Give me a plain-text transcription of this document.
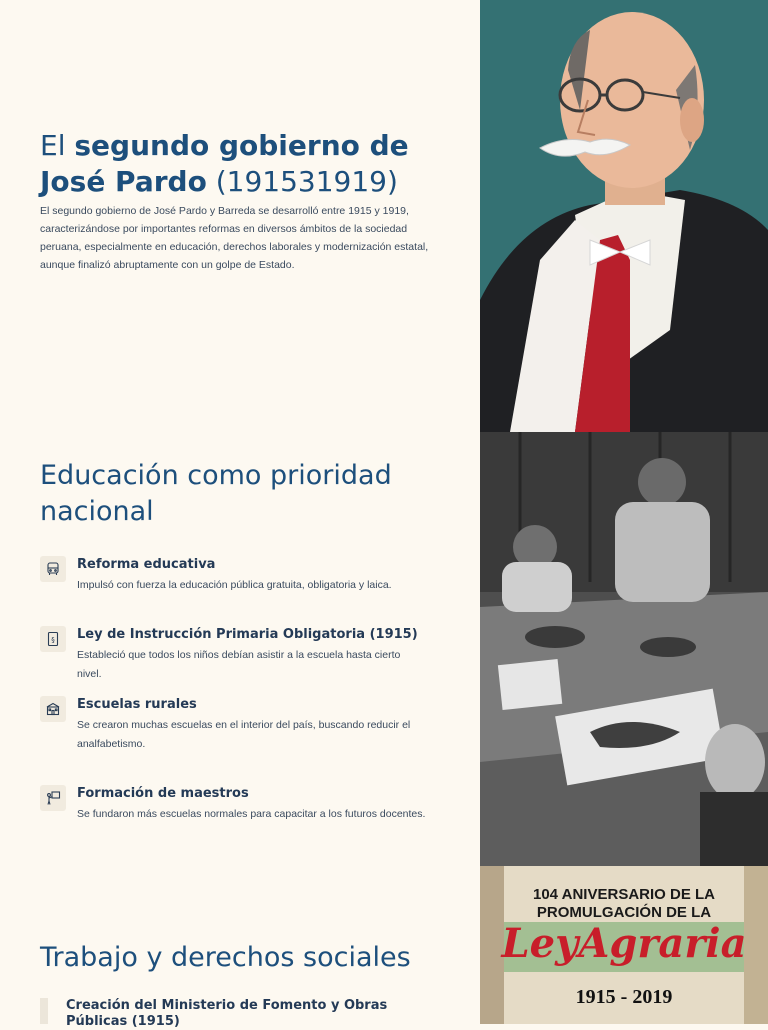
El segundo gobierno de José Pardo (191531919)

El segundo gobierno de José Pardo y Barreda se desarrolló entre 1915 y 1919, caracterizándose por importantes reformas en diversos ámbitos de la sociedad peruana, especialmente en educación, derechos laborales y modernización estatal, aunque finalizó abruptamente con un golpe de Estado.

Educación como prioridad nacional

Reforma educativa

Impulsó con fuerza la educación pública gratuita, obligatoria y laica.

§ Ley de Instrucción Primaria Obligatoria (1915)

Estableció que todos los niños debían asistir a la escuela hasta cierto nivel.

Escuelas rurales

Se crearon muchas escuelas en el interior del país, buscando reducir el analfabetismo.

Formación de maestros

Se fundaron más escuelas normales para capacitar a los futuros docentes.

Trabajo y derechos sociales

Creación del Ministerio de Fomento y Obras Públicas (1915)

104 ANIVERSARIO DE LA

PROMULGACIÓN DE LA

LeyAgraria

1915 - 2019
